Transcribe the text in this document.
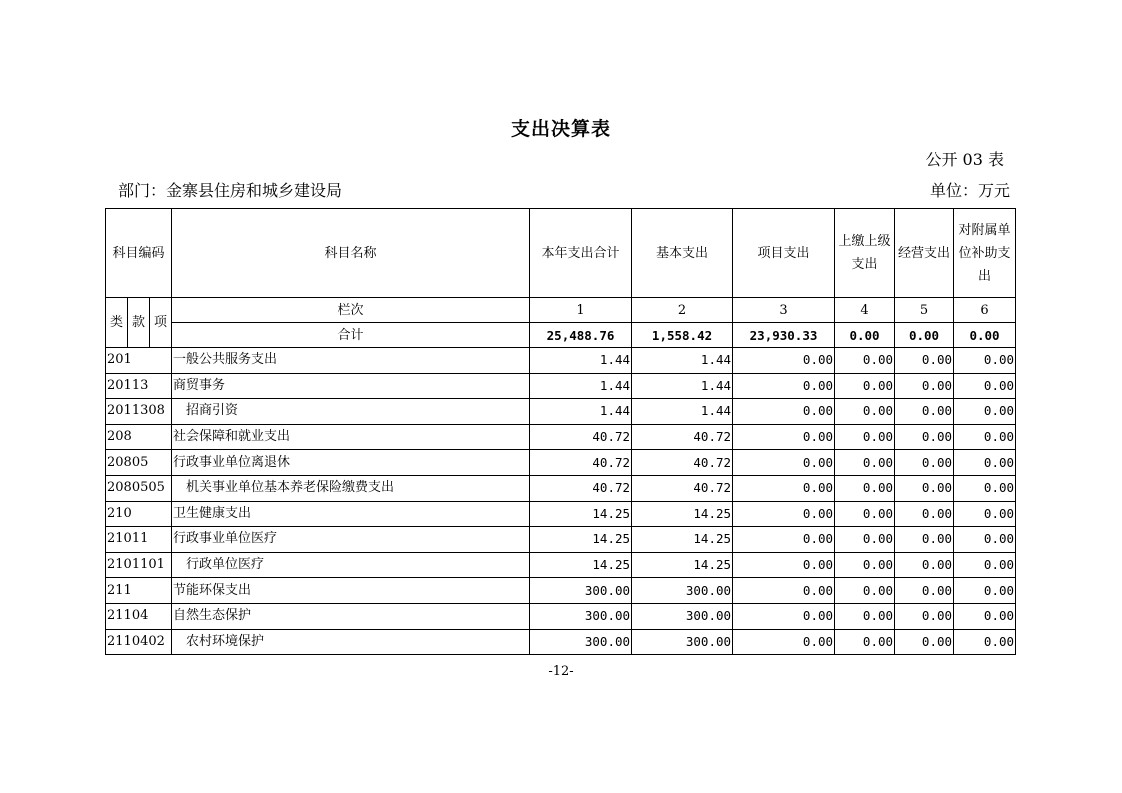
支出决算表
公开 03 表
部门：金寨县住房和城乡建设局	单位：万元
科目编码			科目名称	本年支出合计	基本支出	项目支出	上缴上级支出	经营支出	对附属单位补助支出
类	款	项	栏次	1	2	3	4	5	6
			合计	25,488.76	1,558.42	23,930.33	0.00	0.00	0.00
201			一般公共服务支出	1.44	1.44	0.00	0.00	0.00	0.00
20113			商贸事务	1.44	1.44	0.00	0.00	0.00	0.00
2011308			招商引资	1.44	1.44	0.00	0.00	0.00	0.00
208			社会保障和就业支出	40.72	40.72	0.00	0.00	0.00	0.00
20805			行政事业单位离退休	40.72	40.72	0.00	0.00	0.00	0.00
2080505			机关事业单位基本养老保险缴费支出	40.72	40.72	0.00	0.00	0.00	0.00
210			卫生健康支出	14.25	14.25	0.00	0.00	0.00	0.00
21011			行政事业单位医疗	14.25	14.25	0.00	0.00	0.00	0.00
2101101			行政单位医疗	14.25	14.25	0.00	0.00	0.00	0.00
211			节能环保支出	300.00	300.00	0.00	0.00	0.00	0.00
21104			自然生态保护	300.00	300.00	0.00	0.00	0.00	0.00
2110402			农村环境保护	300.00	300.00	0.00	0.00	0.00	0.00
-12-
